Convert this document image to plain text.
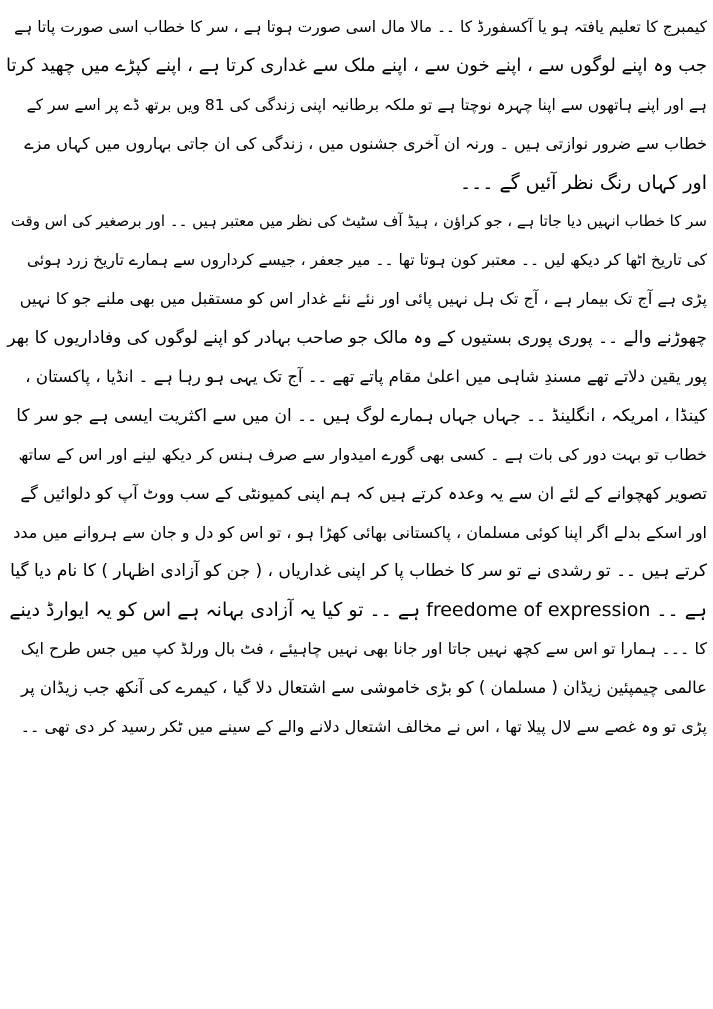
کیمبرج کا تعلیم یافتہ ہو یا آکسفورڈ کا ۔۔ مالا مال اسی صورت ہوتا ہے ، سر کا خطاب اسی صورت پاتا ہے
جب وہ اپنے لوگوں سے ، اپنے خون سے ، اپنے ملک سے غداری کرتا ہے ، اپنے کپڑے میں چھید کرتا
ہے اور اپنے ہاتھوں سے اپنا چہرہ نوچتا ہے تو ملکہ برطانیہ اپنی زندگی کی 81 ویں برتھ ڈے پر اسے سر کے
خطاب سے ضرور نوازتی ہیں ۔ ورنہ ان آخری جشنوں میں ، زندگی کی ان جاتی بہاروں میں کہاں مزے
اور کہاں رنگ نظر آئیں گے ۔۔۔
سر کا خطاب انہیں دیا جاتا ہے ، جو کراؤن ، ہیڈ آف سٹیٹ کی نظر میں معتبر ہیں ۔۔ اور برصغیر کی اس وقت
کی تاریخ اٹھا کر دیکھ لیں ۔۔ معتبر کون ہوتا تھا ۔۔ میر جعفر ، جیسے کرداروں سے ہمارے تاریخ زرد ہوئی
پڑی ہے آج تک بیمار ہے ، آج تک ہل نہیں پائی اور نئے نئے غدار اس کو مستقبل میں بھی ملنے جو کا نہیں
چھوڑنے والے ۔۔ پوری پوری بستیوں کے وہ مالک جو صاحب بہادر کو اپنے لوگوں کی وفاداریوں کا بھر
پور یقین دلاتے تھے مسندِ شاہی میں اعلیٰ مقام پاتے تھے ۔۔ آج تک یہی ہو رہا ہے ۔ انڈیا ، پاکستان ،
کینڈا ، امریکہ ، انگلینڈ ۔۔ جہاں جہاں ہمارے لوگ ہیں ۔۔ ان میں سے اکثریت ایسی ہے جو سر کا
خطاب تو بہت دور کی بات ہے ۔ کسی بھی گورے امیدوار سے صرف ہنس کر دیکھ لینے اور اس کے ساتھ
تصویر کھچوانے کے لئے ان سے یہ وعدہ کرتے ہیں کہ ہم اپنی کمیونٹی کے سب ووٹ آپ کو دلوائیں گے
اور اسکے بدلے اگر اپنا کوئی مسلمان ، پاکستانی بھائی کھڑا ہو ، تو اس کو دل و جان سے ہروانے میں مدد
کرتے ہیں ۔۔ تو رشدی نے تو سر کا خطاب پا کر اپنی غداریاں ، ( جن کو آزادی اظہار ) کا نام دیا گیا
ہے ۔۔ freedome of expression ہے ۔۔ تو کیا یہ آزادی بہانہ ہے اس کو یہ ایوارڈ دینے
کا ۔۔۔ ہمارا تو اس سے کچھ نہیں جاتا اور جانا بھی نہیں چاہیئے ، فٹ بال ورلڈ کپ میں جس طرح ایک
عالمی چیمپئین زیڈان ( مسلمان ) کو بڑی خاموشی سے اشتعال دلا گیا ، کیمرے کی آنکھ جب زیڈان پر
پڑی تو وہ غصے سے لال پیلا تھا ، اس نے مخالف اشتعال دلانے والے کے سینے میں ٹکر رسید کر دی تھی ۔۔
